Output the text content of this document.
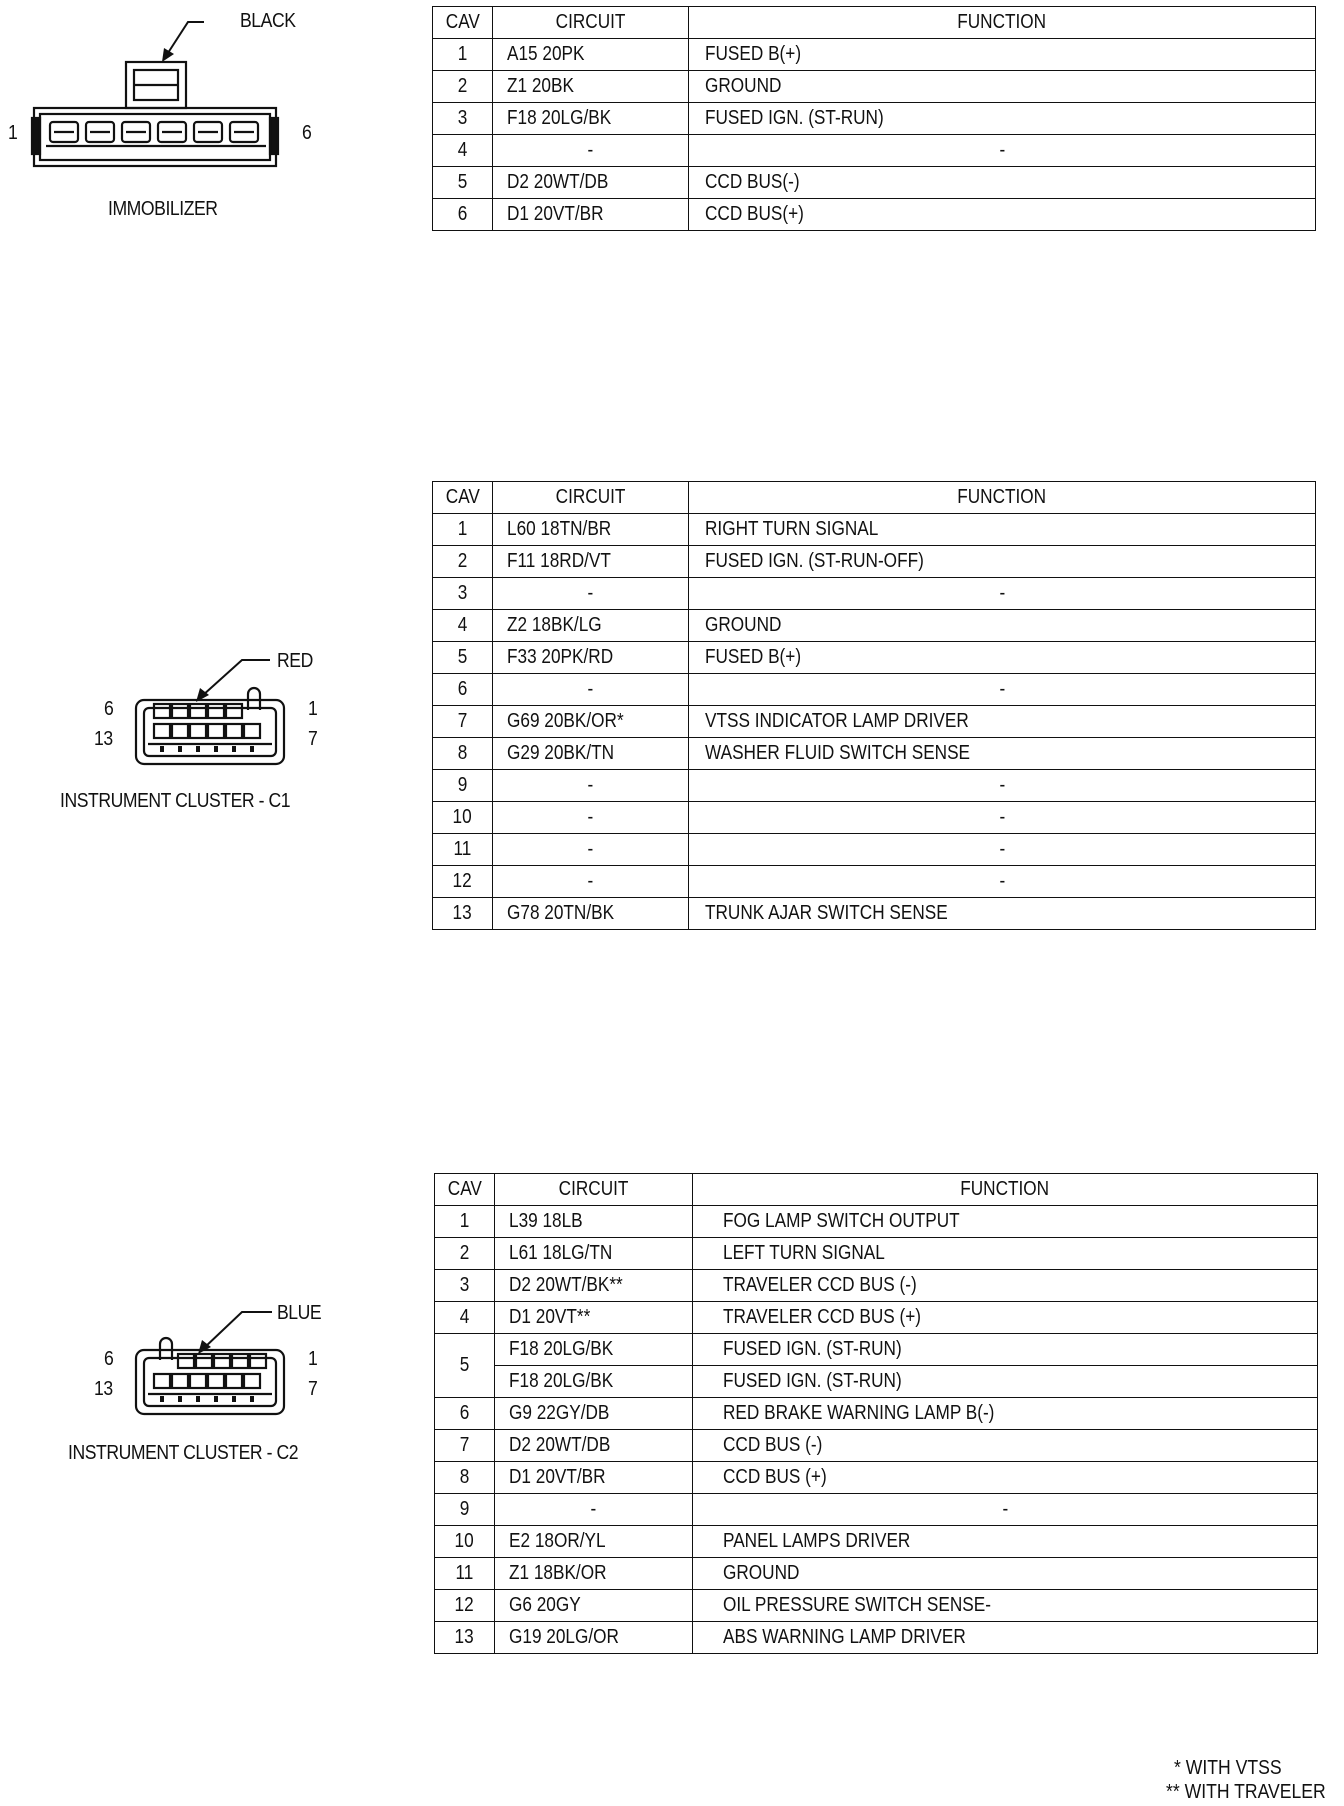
BLACK
1	6
IMMOBILIZER
CAV	CIRCUIT	FUNCTION
1	A15 20PK	FUSED B(+)
2	Z1 20BK	GROUND
3	F18 20LG/BK	FUSED IGN. (ST-RUN)
4	-	-
5	D2 20WT/DB	CCD BUS(-)
6	D1 20VT/BR	CCD BUS(+)
RED
6	1
13	7
INSTRUMENT CLUSTER - C1
CAV	CIRCUIT	FUNCTION
1	L60 18TN/BR	RIGHT TURN SIGNAL
2	F11 18RD/VT	FUSED IGN. (ST-RUN-OFF)
3	-	-
4	Z2 18BK/LG	GROUND
5	F33 20PK/RD	FUSED B(+)
6	-	-
7	G69 20BK/OR*	VTSS INDICATOR LAMP DRIVER
8	G29 20BK/TN	WASHER FLUID SWITCH SENSE
9	-	-
10	-	-
11	-	-
12	-	-
13	G78 20TN/BK	TRUNK AJAR SWITCH SENSE
BLUE
6	1
13	7
INSTRUMENT CLUSTER - C2
CAV	CIRCUIT	FUNCTION
1	L39 18LB	FOG LAMP SWITCH OUTPUT
2	L61 18LG/TN	LEFT TURN SIGNAL
3	D2 20WT/BK**	TRAVELER CCD BUS (-)
4	D1 20VT**	TRAVELER CCD BUS (+)
5	F18 20LG/BK	FUSED IGN. (ST-RUN)
	F18 20LG/BK	FUSED IGN. (ST-RUN)
6	G9 22GY/DB	RED BRAKE WARNING LAMP B(-)
7	D2 20WT/DB	CCD BUS (-)
8	D1 20VT/BR	CCD BUS (+)
9	-	-
10	E2 18OR/YL	PANEL LAMPS DRIVER
11	Z1 18BK/OR	GROUND
12	G6 20GY	OIL PRESSURE SWITCH SENSE-
13	G19 20LG/OR	ABS WARNING LAMP DRIVER
* WITH VTSS
** WITH TRAVELER
